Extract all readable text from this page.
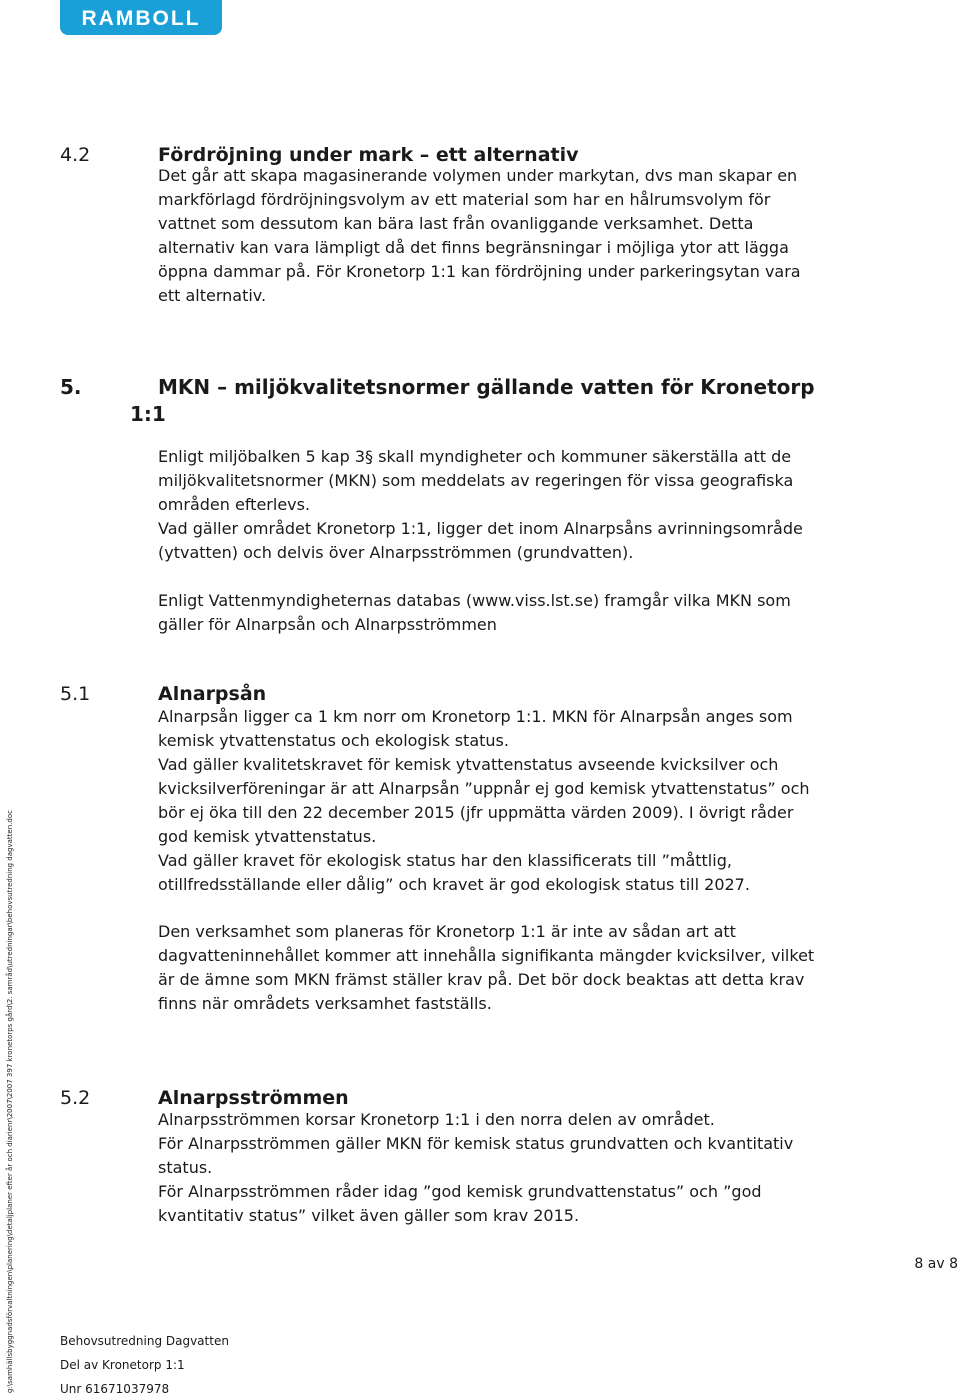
RAMBOLL
4.2	Fördröjning under mark – ett alternativ
Det går att skapa magasinerande volymen under markytan, dvs man skapar en
markförlagd fördröjningsvolym av ett material som har en hålrumsvolym för
vattnet som dessutom kan bära last från ovanliggande verksamhet. Detta
alternativ kan vara lämpligt då det finns begränsningar i möjliga ytor att lägga
öppna dammar på. För Kronetorp 1:1 kan fördröjning under parkeringsytan vara
ett alternativ.
5.	MKN – miljökvalitetsnormer gällande vatten för Kronetorp
1:1
Enligt miljöbalken 5 kap 3§ skall myndigheter och kommuner säkerställa att de
miljökvalitetsnormer (MKN) som meddelats av regeringen för vissa geografiska
områden efterlevs.
Vad gäller området Kronetorp 1:1, ligger det inom Alnarpsåns avrinningsområde
(ytvatten) och delvis över Alnarpsströmmen (grundvatten).
Enligt Vattenmyndigheternas databas (www.viss.lst.se) framgår vilka MKN som
gäller för Alnarpsån och Alnarpsströmmen
5.1	Alnarpsån
Alnarpsån ligger ca 1 km norr om Kronetorp 1:1. MKN för Alnarpsån anges som
kemisk ytvattenstatus och ekologisk status.
Vad gäller kvalitetskravet för kemisk ytvattenstatus avseende kvicksilver och
kvicksilverföreningar är att Alnarpsån ”uppnår ej god kemisk ytvattenstatus” och
bör ej öka till den 22 december 2015 (jfr uppmätta värden 2009). I övrigt råder
god kemisk ytvattenstatus.
Vad gäller kravet för ekologisk status har den klassificerats till ”måttlig,
otillfredsställande eller dålig” och kravet är god ekologisk status till 2027.
Den verksamhet som planeras för Kronetorp 1:1 är inte av sådan art att
dagvatteninnehållet kommer att innehålla signifikanta mängder kvicksilver, vilket
är de ämne som MKN främst ställer krav på. Det bör dock beaktas att detta krav
finns när områdets verksamhet fastställs.
5.2	Alnarpsströmmen
Alnarpsströmmen korsar Kronetorp 1:1 i den norra delen av området.
För Alnarpsströmmen gäller MKN för kemisk status grundvatten och kvantitativ
status.
För Alnarpsströmmen råder idag ”god kemisk grundvattenstatus” och ”god
kvantitativ status” vilket även gäller som krav 2015.
g:\samhällsbyggnadsförvaltningen\planering\detaljplaner efter år och diarienr\2007\2007 397 kronetorps gård\2. samråd\utredningar\behovsutredning dagvatten.doc	8 av 8
Behovsutredning Dagvatten
Del av Kronetorp 1:1
Unr 61671037978
